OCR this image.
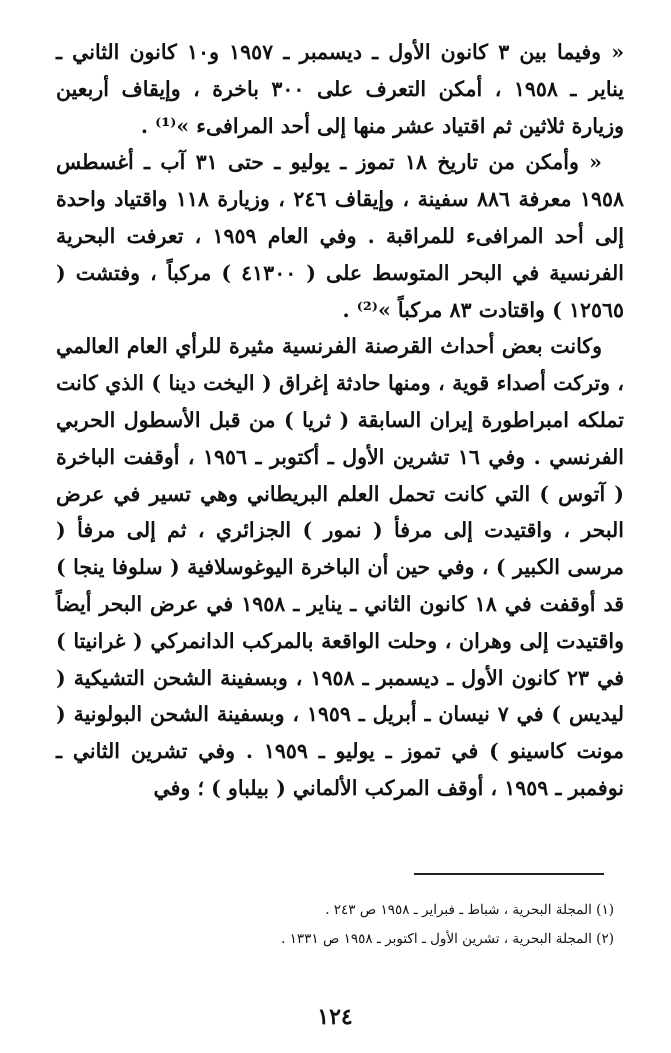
« وفيما بين ٣ كانون الأول ـ ديسمبر ـ ١٩٥٧ و١٠ كانون الثاني ـ يناير ـ ١٩٥٨ ، أمكن التعرف على ٣٠٠ باخرة ، وإيقاف أربعين وزيارة ثلاثين ثم اقتياد عشر منها إلى أحد المرافىء »⁽¹⁾ .

« وأمكن من تاريخ ١٨ تموز ـ يوليو ـ حتى ٣١ آب ـ أغسطس ١٩٥٨ معرفة ٨٨٦ سفينة ، وإيقاف ٢٤٦ ، وزيارة ١١٨ واقتياد واحدة إلى أحد المرافىء للمراقبة . وفي العام ١٩٥٩ ، تعرفت البحرية الفرنسية في البحر المتوسط على ( ٤١٣٠٠ ) مركباً ، وفتشت ( ١٢٥٦٥ ) واقتادت ٨٣ مركباً »⁽²⁾ .

وكانت بعض أحداث القرصنة الفرنسية مثيرة للرأي العام العالمي ، وتركت أصداء قوية ، ومنها حادثة إغراق ( اليخت دينا ) الذي كانت تملكه امبراطورة إيران السابقة ( ثريا ) من قبل الأسطول الحربي الفرنسي . وفي ١٦ تشرين الأول ـ أكتوبر ـ ١٩٥٦ ، أوقفت الباخرة ( آتوس ) التي كانت تحمل العلم البريطاني وهي تسير في عرض البحر ، واقتيدت إلى مرفأ ( نمور ) الجزائري ، ثم إلى مرفأ ( مرسى الكبير ) ، وفي حين أن الباخرة اليوغوسلافية ( سلوفا ينجا ) قد أوقفت في ١٨ كانون الثاني ـ يناير ـ ١٩٥٨ في عرض البحر أيضاً واقتيدت إلى وهران ، وحلت الواقعة بالمركب الدانمركي ( غرانيتا ) في ٢٣ كانون الأول ـ ديسمبر ـ ١٩٥٨ ، وبسفينة الشحن التشيكية ( ليديس ) في ٧ نيسان ـ أبريل ـ ١٩٥٩ ، وبسفينة الشحن البولونية ( مونت كاسينو ) في تموز ـ يوليو ـ ١٩٥٩ . وفي تشرين الثاني ـ نوفمبر ـ ١٩٥٩ ، أوقف المركب الألماني ( بيلباو ) ؛ وفي

(١) المجلة البحرية ، شباط ـ فبراير ـ ١٩٥٨ ص ٢٤٣ .
(٢) المجلة البحرية ، تشرين الأول ـ اكتوبر ـ ١٩٥٨ ص ١٣٣١ .
١٢٤
